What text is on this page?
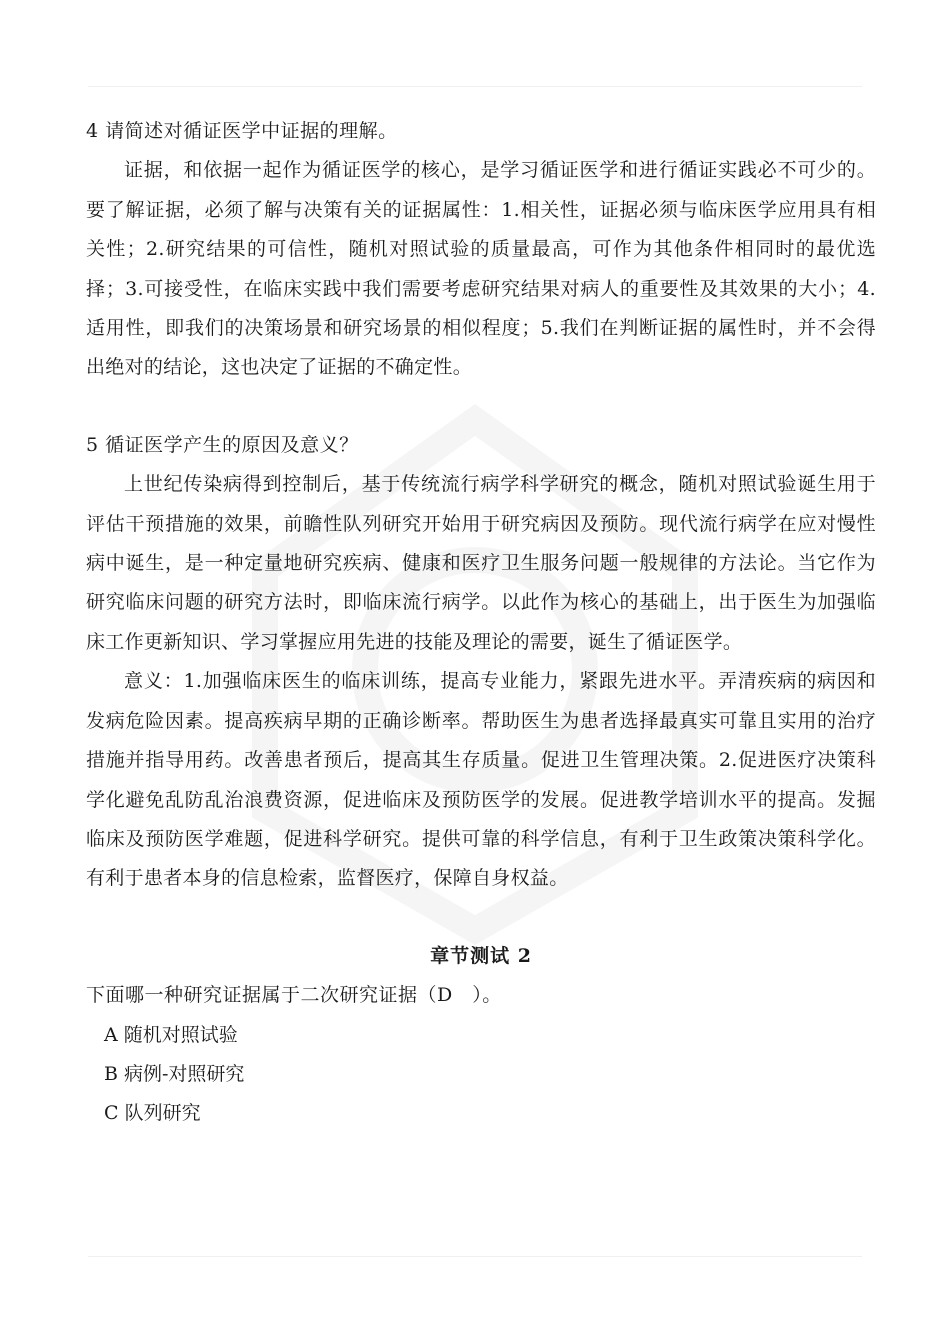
4 请简述对循证医学中证据的理解。

证据，和依据一起作为循证医学的核心，是学习循证医学和进行循证实践必不可少的。要了解证据，必须了解与决策有关的证据属性：1.相关性，证据必须与临床医学应用具有相关性；2.研究结果的可信性，随机对照试验的质量最高，可作为其他条件相同时的最优选择；3.可接受性，在临床实践中我们需要考虑研究结果对病人的重要性及其效果的大小；4.适用性，即我们的决策场景和研究场景的相似程度；5.我们在判断证据的属性时，并不会得出绝对的结论，这也决定了证据的不确定性。

5 循证医学产生的原因及意义？

上世纪传染病得到控制后，基于传统流行病学科学研究的概念，随机对照试验诞生用于评估干预措施的效果，前瞻性队列研究开始用于研究病因及预防。现代流行病学在应对慢性病中诞生，是一种定量地研究疾病、健康和医疗卫生服务问题一般规律的方法论。当它作为研究临床问题的研究方法时，即临床流行病学。以此作为核心的基础上，出于医生为加强临床工作更新知识、学习掌握应用先进的技能及理论的需要，诞生了循证医学。

意义：1.加强临床医生的临床训练，提高专业能力，紧跟先进水平。弄清疾病的病因和发病危险因素。提高疾病早期的正确诊断率。帮助医生为患者选择最真实可靠且实用的治疗措施并指导用药。改善患者预后，提高其生存质量。促进卫生管理决策。2.促进医疗决策科学化避免乱防乱治浪费资源，促进临床及预防医学的发展。促进教学培训水平的提高。发掘临床及预防医学难题，促进科学研究。提供可靠的科学信息，有利于卫生政策决策科学化。有利于患者本身的信息检索，监督医疗，保障自身权益。

章节测试 2

下面哪一种研究证据属于二次研究证据（D　）。

A 随机对照试验

B 病例-对照研究

C 队列研究
